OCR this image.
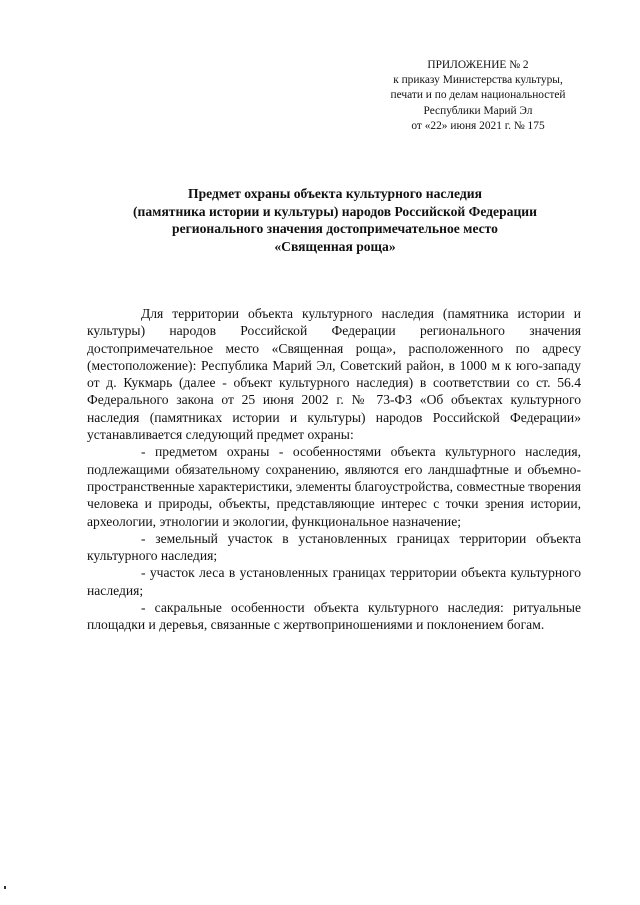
ПРИЛОЖЕНИЕ № 2
к приказу Министерства культуры,
печати и по делам национальностей
Республики Марий Эл
от «22» июня 2021 г. № 175
Предмет охраны объекта культурного наследия
(памятника истории и культуры) народов Российской Федерации
регионального значения достопримечательное место
«Священная роща»

Для территории объекта культурного наследия (памятника истории и культуры) народов Российской Федерации регионального значения достопримечательное место «Священная роща», расположенного по адресу (местоположение): Республика Марий Эл, Советский район, в 1000 м к юго-западу от д. Кукмарь (далее - объект культурного наследия) в соответствии со ст. 56.4 Федерального закона от 25 июня 2002 г. № 73-ФЗ «Об объектах культурного наследия (памятниках истории и культуры) народов Российской Федерации» устанавливается следующий предмет охраны:

- предметом охраны - особенностями объекта культурного наследия, подлежащими обязательному сохранению, являются его ландшафтные и объемно-пространственные характеристики, элементы благоустройства, совместные творения человека и природы, объекты, представляющие интерес с точки зрения истории, археологии, этнологии и экологии, функциональное назначение;

- земельный участок в установленных границах территории объекта культурного наследия;

- участок леса в установленных границах территории объекта культурного наследия;

- сакральные особенности объекта культурного наследия: ритуальные площадки и деревья, связанные с жертвоприношениями и поклонением богам.
